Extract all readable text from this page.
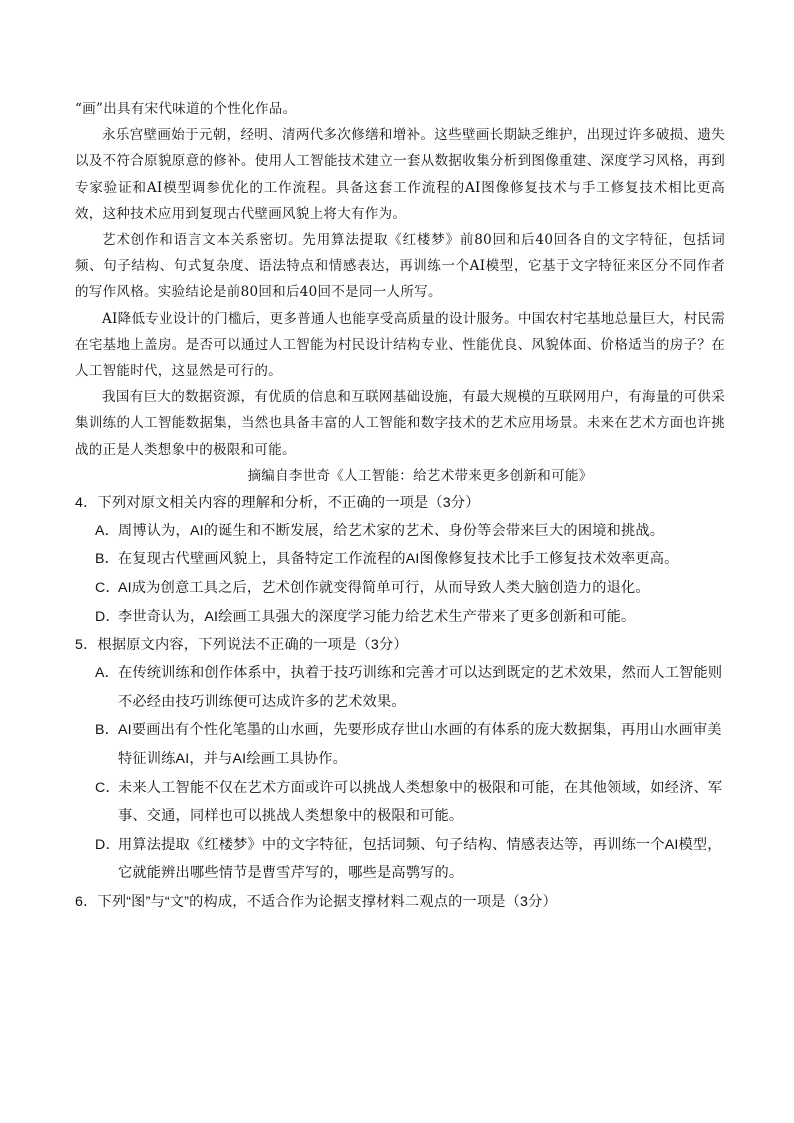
“画”出具有宋代味道的个性化作品。

永乐宫壁画始于元朝，经明、清两代多次修缮和增补。这些壁画长期缺乏维护，出现过许多破损、遗失以及不符合原貌原意的修补。使用人工智能技术建立一套从数据收集分析到图像重建、深度学习风格，再到专家验证和AI模型调参优化的工作流程。具备这套工作流程的AI图像修复技术与手工修复技术相比更高效，这种技术应用到复现古代壁画风貌上将大有作为。

艺术创作和语言文本关系密切。先用算法提取《红楼梦》前80回和后40回各自的文字特征，包括词频、句子结构、句式复杂度、语法特点和情感表达，再训练一个AI模型，它基于文字特征来区分不同作者的写作风格。实验结论是前80回和后40回不是同一人所写。

AI降低专业设计的门槛后，更多普通人也能享受高质量的设计服务。中国农村宅基地总量巨大，村民需在宅基地上盖房。是否可以通过人工智能为村民设计结构专业、性能优良、风貌体面、价格适当的房子？在人工智能时代，这显然是可行的。

我国有巨大的数据资源，有优质的信息和互联网基础设施，有最大规模的互联网用户，有海量的可供采集训练的人工智能数据集，当然也具备丰富的人工智能和数字技术的艺术应用场景。未来在艺术方面也许挑战的正是人类想象中的极限和可能。

摘编自李世奇《人工智能：给艺术带来更多创新和可能》

4．下列对原文相关内容的理解和分析，不正确的一项是（3分）

A．周博认为，AI的诞生和不断发展，给艺术家的艺术、身份等会带来巨大的困境和挑战。

B．在复现古代壁画风貌上，具备特定工作流程的AI图像修复技术比手工修复技术效率更高。

C．AI成为创意工具之后，艺术创作就变得简单可行，从而导致人类大脑创造力的退化。

D．李世奇认为，AI绘画工具强大的深度学习能力给艺术生产带来了更多创新和可能。

5．根据原文内容，下列说法不正确的一项是（3分）

A．在传统训练和创作体系中，执着于技巧训练和完善才可以达到既定的艺术效果，然而人工智能则不必经由技巧训练便可达成许多的艺术效果。

B．AI要画出有个性化笔墨的山水画，先要形成存世山水画的有体系的庞大数据集，再用山水画审美特征训练AI，并与AI绘画工具协作。

C．未来人工智能不仅在艺术方面或许可以挑战人类想象中的极限和可能，在其他领域，如经济、军事、交通，同样也可以挑战人类想象中的极限和可能。

D．用算法提取《红楼梦》中的文字特征，包括词频、句子结构、情感表达等，再训练一个AI模型，它就能辨出哪些情节是曹雪芹写的，哪些是高鹗写的。

6．下列“图”与“文”的构成，不适合作为论据支撑材料二观点的一项是（3分）
